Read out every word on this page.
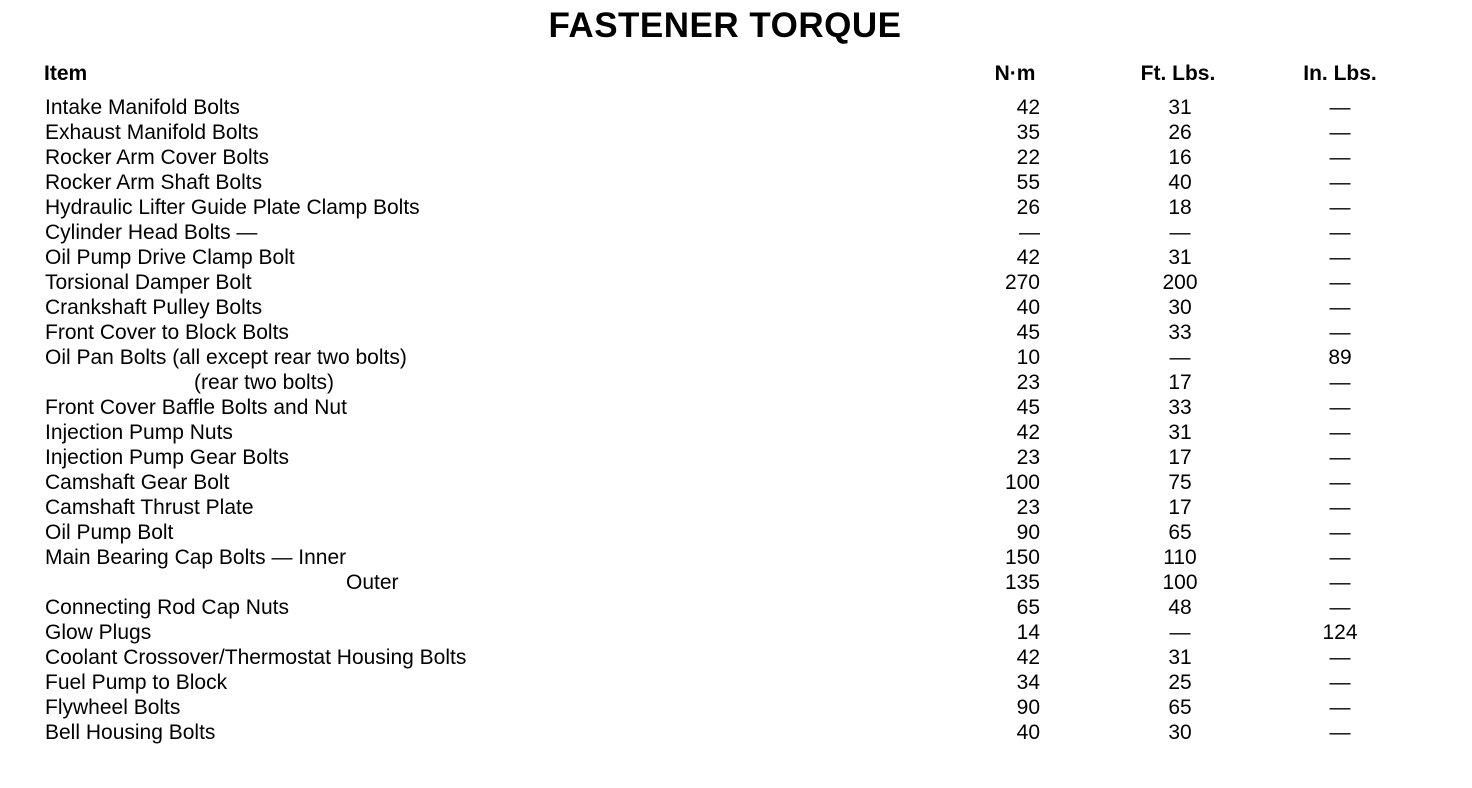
FASTENER TORQUE
Item	N·m	Ft. Lbs.	In. Lbs.
Intake Manifold Bolts	42	31	—
Exhaust Manifold Bolts	35	26	—
Rocker Arm Cover Bolts	22	16	—
Rocker Arm Shaft Bolts	55	40	—
Hydraulic Lifter Guide Plate Clamp Bolts	26	18	—
Cylinder Head Bolts —	—	—	—
Oil Pump Drive Clamp Bolt	42	31	—
Torsional Damper Bolt	270	200	—
Crankshaft Pulley Bolts	40	30	—
Front Cover to Block Bolts	45	33	—
Oil Pan Bolts (all except rear two bolts)	10	—	89
(rear two bolts)	23	17	—
Front Cover Baffle Bolts and Nut	45	33	—
Injection Pump Nuts	42	31	—
Injection Pump Gear Bolts	23	17	—
Camshaft Gear Bolt	100	75	—
Camshaft Thrust Plate	23	17	—
Oil Pump Bolt	90	65	—
Main Bearing Cap Bolts — Inner	150	110	—
Outer	135	100	—
Connecting Rod Cap Nuts	65	48	—
Glow Plugs	14	—	124
Coolant Crossover/Thermostat Housing Bolts	42	31	—
Fuel Pump to Block	34	25	—
Flywheel Bolts	90	65	—
Bell Housing Bolts	40	30	—
